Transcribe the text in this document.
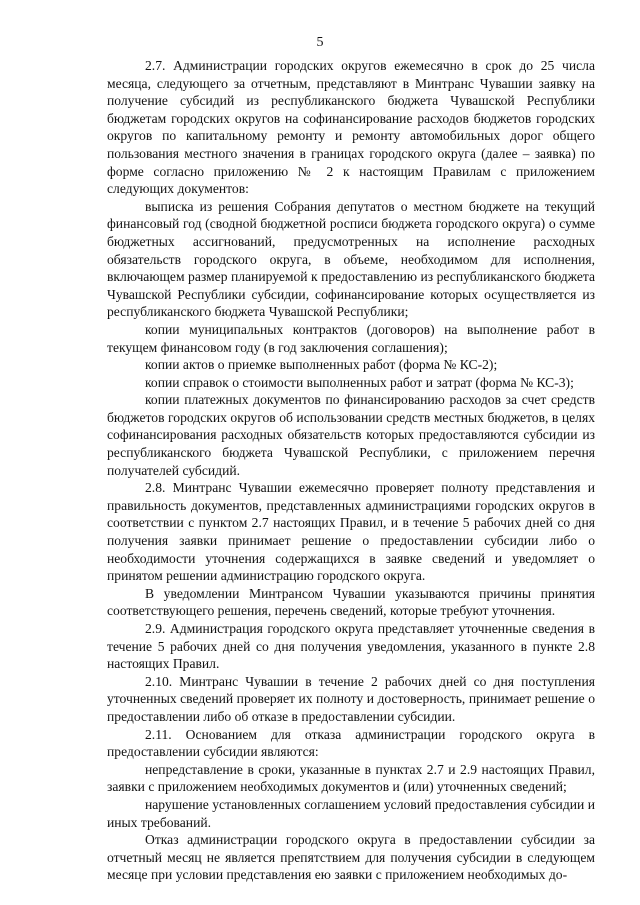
5

2.7. Администрации городских округов ежемесячно в срок до 25 числа месяца, следующего за отчетным, представляют в Минтранс Чувашии заявку на получение субсидий из республиканского бюджета Чувашской Республики бюджетам городских округов на софинансирование расходов бюджетов городских округов по капитальному ремонту и ремонту автомобильных дорог общего пользования местного значения в границах городского округа (далее – заявка) по форме согласно приложению № 2 к настоящим Правилам с приложением следующих документов:

выписка из решения Собрания депутатов о местном бюджете на текущий финансовый год (сводной бюджетной росписи бюджета городского округа) о сумме бюджетных ассигнований, предусмотренных на исполнение расходных обязательств городского округа, в объеме, необходимом для исполнения, включающем размер планируемой к предоставлению из республиканского бюджета Чувашской Республики субсидии, софинансирование которых осуществляется из республиканского бюджета Чувашской Республики;

копии муниципальных контрактов (договоров) на выполнение работ в текущем финансовом году (в год заключения соглашения);

копии актов о приемке выполненных работ (форма № КС-2);

копии справок о стоимости выполненных работ и затрат (форма № КС-3);

копии платежных документов по финансированию расходов за счет средств бюджетов городских округов об использовании средств местных бюджетов, в целях софинансирования расходных обязательств которых предоставляются субсидии из республиканского бюджета Чувашской Республики, с приложением перечня получателей субсидий.

2.8. Минтранс Чувашии ежемесячно проверяет полноту представления и правильность документов, представленных администрациями городских округов в соответствии с пунктом 2.7 настоящих Правил, и в течение 5 рабочих дней со дня получения заявки принимает решение о предоставлении субсидии либо о необходимости уточнения содержащихся в заявке сведений и уведомляет о принятом решении администрацию городского округа.

В уведомлении Минтрансом Чувашии указываются причины принятия соответствующего решения, перечень сведений, которые требуют уточнения.

2.9. Администрация городского округа представляет уточненные сведения в течение 5 рабочих дней со дня получения уведомления, указанного в пункте 2.8 настоящих Правил.

2.10. Минтранс Чувашии в течение 2 рабочих дней со дня поступления уточненных сведений проверяет их полноту и достоверность, принимает решение о предоставлении либо об отказе в предоставлении субсидии.

2.11. Основанием для отказа администрации городского округа в предоставлении субсидии являются:

непредставление в сроки, указанные в пунктах 2.7 и 2.9 настоящих Правил, заявки с приложением необходимых документов и (или) уточненных сведений;

нарушение установленных соглашением условий предоставления субсидии и иных требований.

Отказ администрации городского округа в предоставлении субсидии за отчетный месяц не является препятствием для получения субсидии в следующем месяце при условии представления ею заявки с приложением необходимых до-
